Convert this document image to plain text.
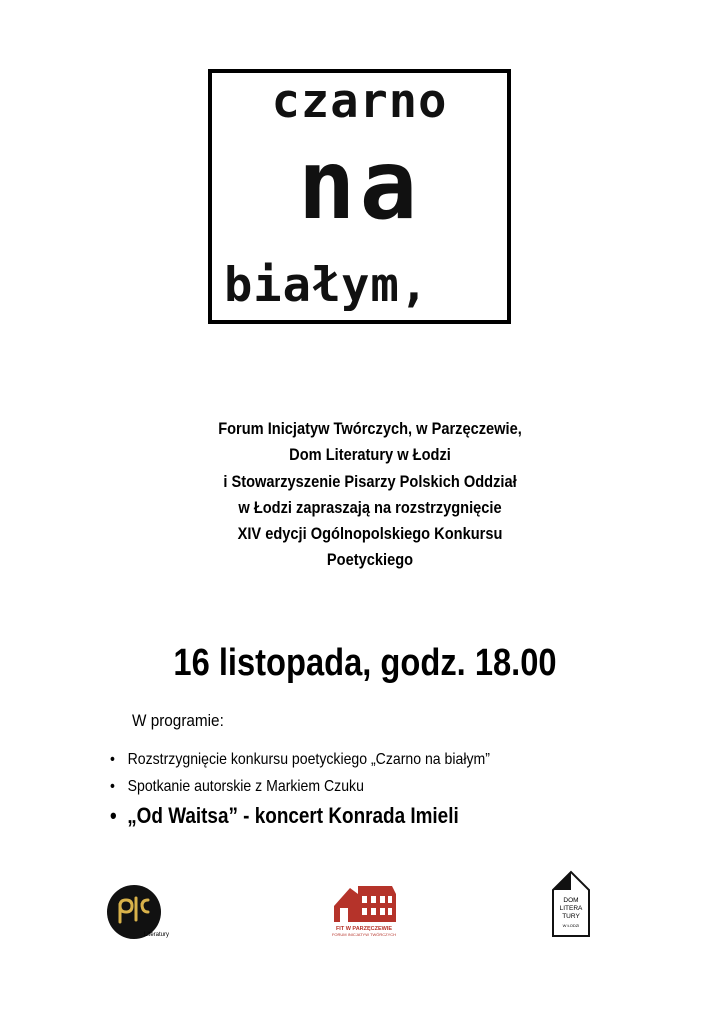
czarno
na
białym,
Forum Inicjatyw Twórczych, w Parzęczewie,
Dom Literatury w Łodzi
i Stowarzyszenie Pisarzy Polskich Oddział
w Łodzi zapraszają na rozstrzygnięcie
XIV edycji Ogólnopolskiego Konkursu
Poetyckiego
16 listopada, godz. 18.00
W programie:
• Rozstrzygnięcie konkursu poetyckiego „Czarno na białym”
• Spotkanie autorskie z Markiem Czuku
• „Od Waitsa” - koncert Konrada Imieli
Literatury
FIT W PARZĘCZEWIE
FORUM INICJATYW TWÓRCZYCH
DOM
LITERA
TURY
W ŁODZI
